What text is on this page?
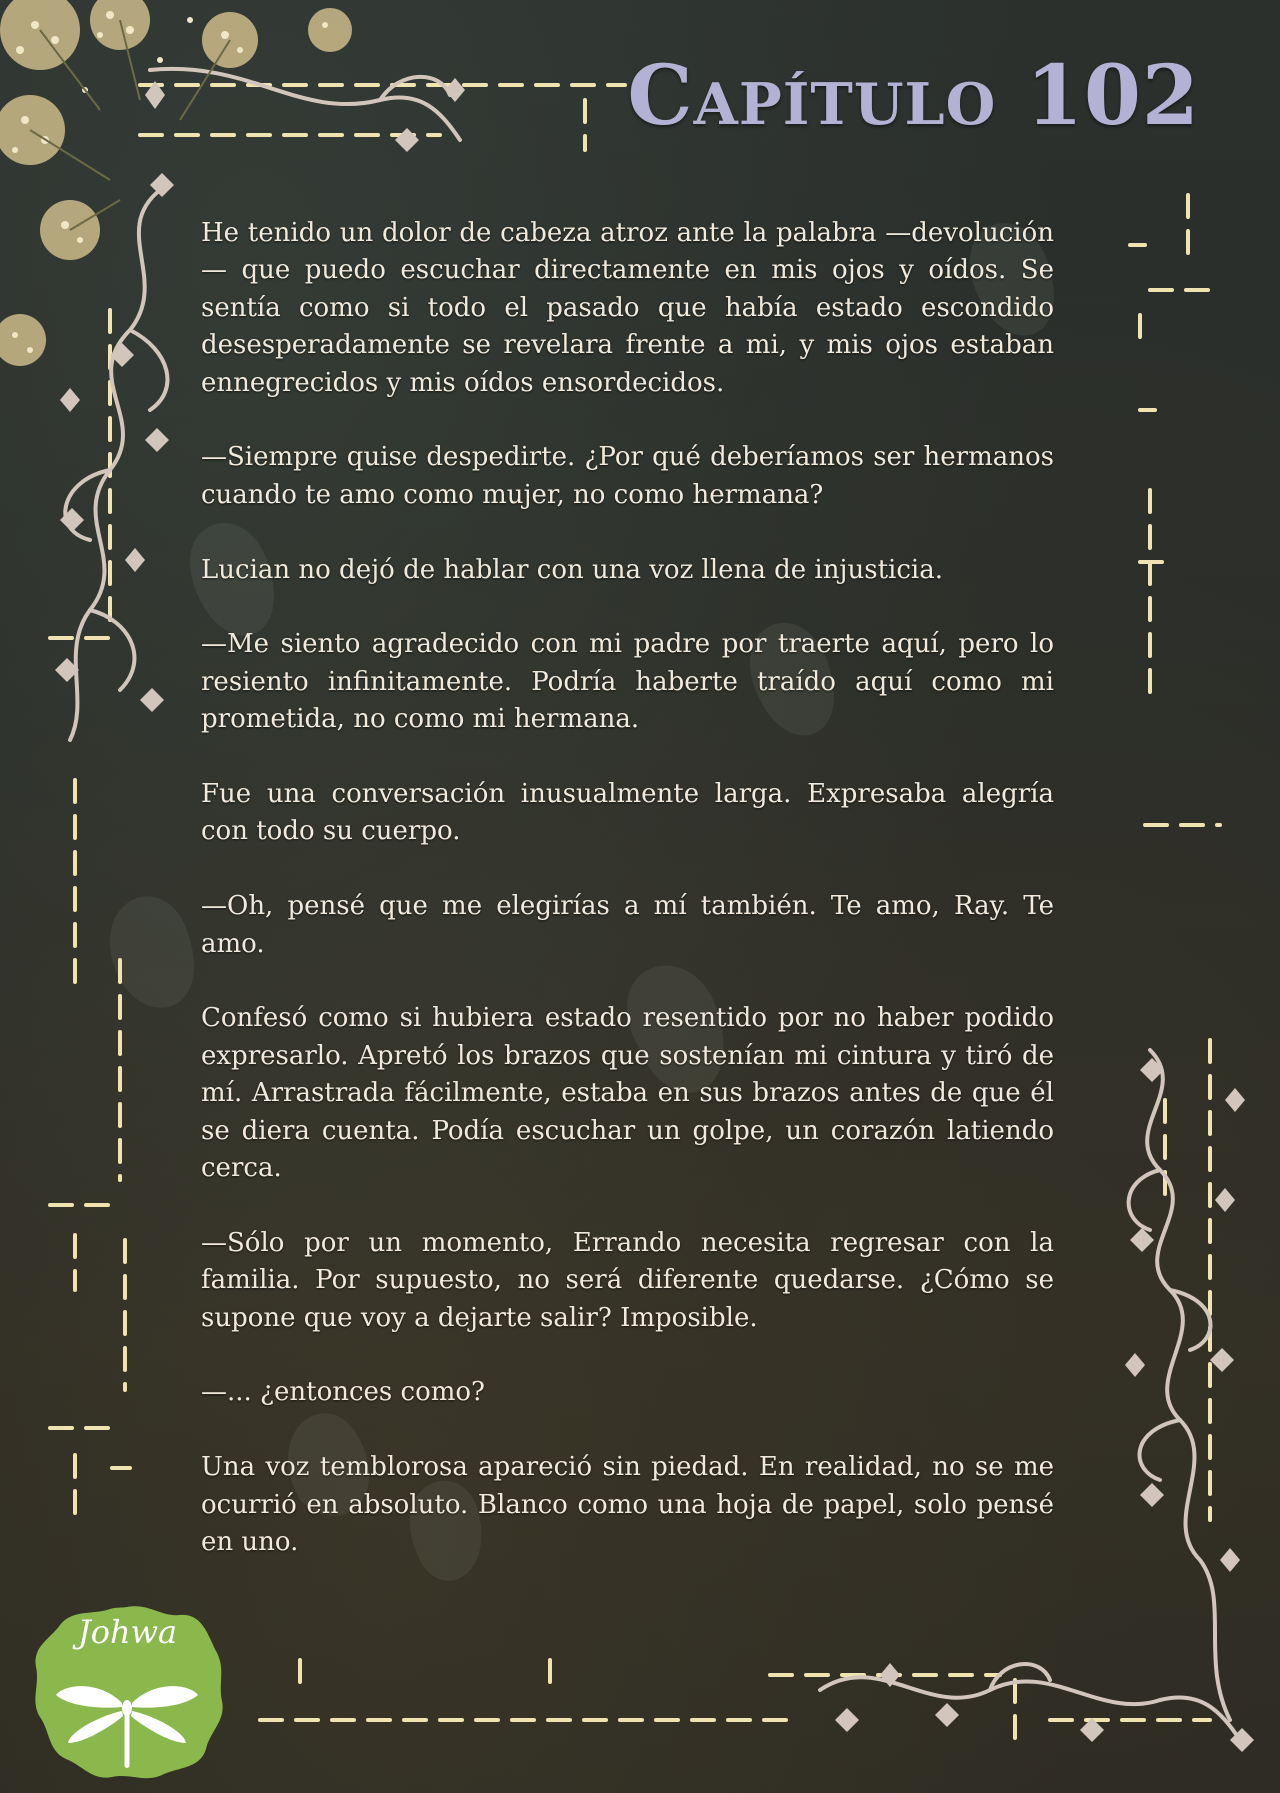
Capítulo 102

He tenido un dolor de cabeza atroz ante la palabra —devolución— que puedo escuchar directamente en mis ojos y oídos. Se sentía como si todo el pasado que había estado escondido desesperadamente se revelara frente a mi, y mis ojos estaban ennegrecidos y mis oídos ensordecidos.

—Siempre quise despedirte. ¿Por qué deberíamos ser hermanos cuando te amo como mujer, no como hermana?

Lucian no dejó de hablar con una voz llena de injusticia.

—Me siento agradecido con mi padre por traerte aquí, pero lo resiento infinitamente. Podría haberte traído aquí como mi prometida, no como mi hermana.

Fue una conversación inusualmente larga. Expresaba alegría con todo su cuerpo.

—Oh, pensé que me elegirías a mí también. Te amo, Ray. Te amo.

Confesó como si hubiera estado resentido por no haber podido expresarlo. Apretó los brazos que sostenían mi cintura y tiró de mí. Arrastrada fácilmente, estaba en sus brazos antes de que él se diera cuenta. Podía escuchar un golpe, un corazón latiendo cerca.

—Sólo por un momento, Errando necesita regresar con la familia. Por supuesto, no será diferente quedarse. ¿Cómo se supone que voy a dejarte salir? Imposible.

—... ¿entonces como?

Una voz temblorosa apareció sin piedad. En realidad, no se me ocurrió en absoluto. Blanco como una hoja de papel, solo pensé en uno.

Johwa
